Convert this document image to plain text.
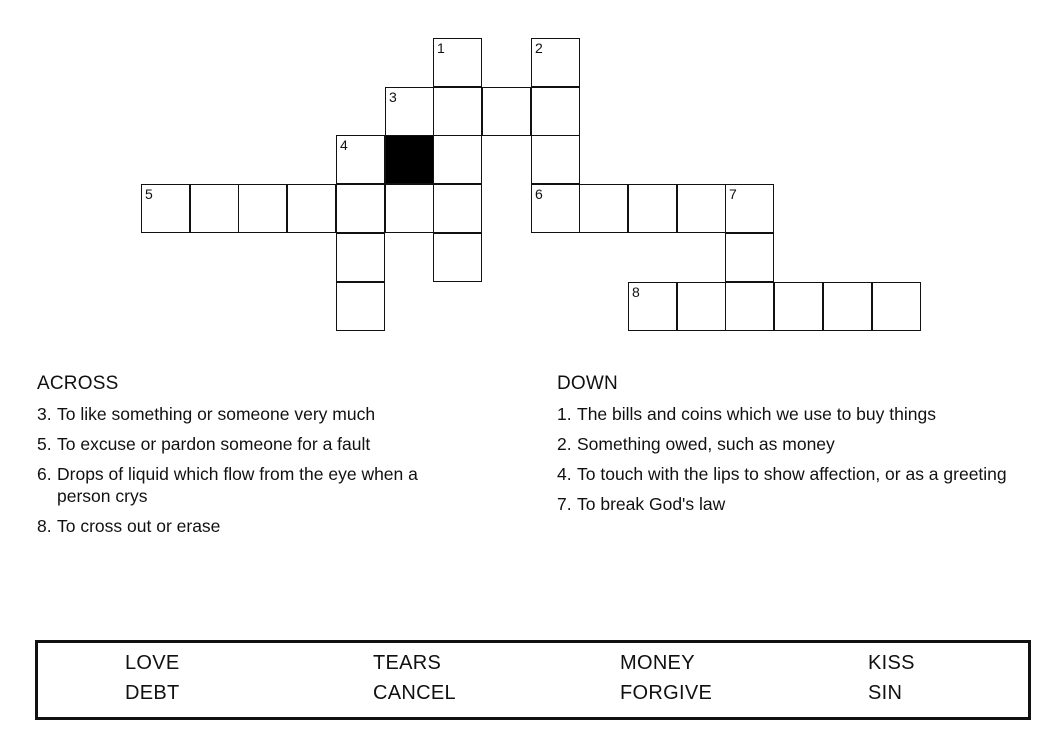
1	2
3
4
5	6	7
8
ACROSS
3. To like something or someone very much
5. To excuse or pardon someone for a fault
6. Drops of liquid which flow from the eye when a person crys
8. To cross out or erase
DOWN
1. The bills and coins which we use to buy things
2. Something owed, such as money
4. To touch with the lips to show affection, or as a greeting
7. To break God's law
LOVE	TEARS	MONEY	KISS
DEBT	CANCEL	FORGIVE	SIN
